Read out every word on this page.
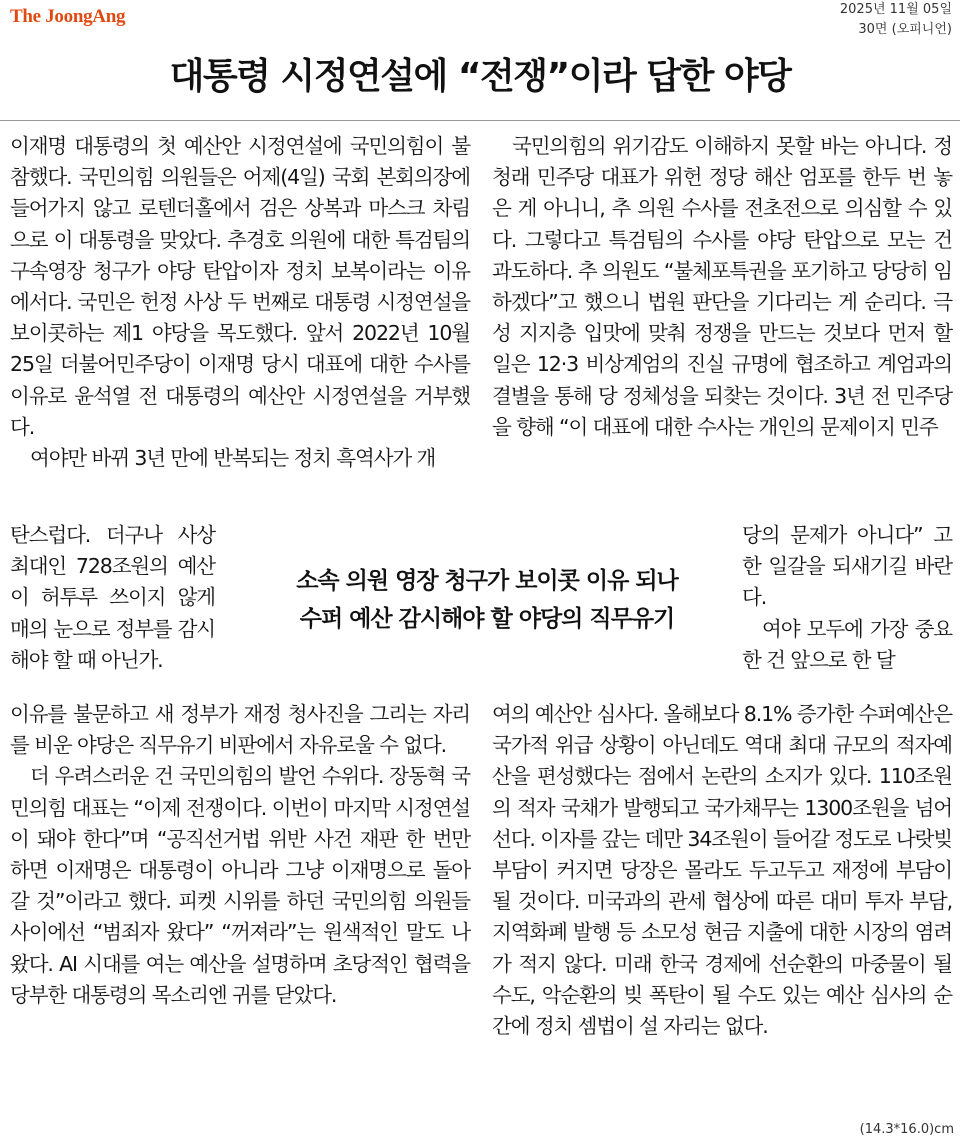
The JoongAng	2025년 11월 05일
30면 (오피니언)
대통령 시정연설에 “전쟁”이라 답한 야당

이재명 대통령의 첫 예산안 시정연설에 국민의힘이 불참했다. 국민의힘 의원들은 어제(4일) 국회 본회의장에 들어가지 않고 로텐더홀에서 검은 상복과 마스크 차림으로 이 대통령을 맞았다. 추경호 의원에 대한 특검팀의 구속영장 청구가 야당 탄압이자 정치 보복이라는 이유에서다. 국민은 헌정 사상 두 번째로 대통령 시정연설을 보이콧하는 제1 야당을 목도했다. 앞서 2022년 10월 25일 더불어민주당이 이재명 당시 대표에 대한 수사를 이유로 윤석열 전 대통령의 예산안 시정연설을 거부했다.

여야만 바뀌 3년 만에 반복되는 정치 흑역사가 개

탄스럽다. 더구나 사상 최대인 728조원의 예산이 허투루 쓰이지 않게 매의 눈으로 정부를 감시해야 할 때 아닌가.

소속 의원 영장 청구가 보이콧 이유 되나
수퍼 예산 감시해야 할 야당의 직무유기

이유를 불문하고 새 정부가 재정 청사진을 그리는 자리를 비운 야당은 직무유기 비판에서 자유로울 수 없다.

더 우려스러운 건 국민의힘의 발언 수위다. 장동혁 국민의힘 대표는 “이제 전쟁이다. 이번이 마지막 시정연설이 돼야 한다”며 “공직선거법 위반 사건 재판 한 번만 하면 이재명은 대통령이 아니라 그냥 이재명으로 돌아갈 것”이라고 했다. 피켓 시위를 하던 국민의힘 의원들 사이에선 “범죄자 왔다” “꺼져라”는 원색적인 말도 나왔다. AI 시대를 여는 예산을 설명하며 초당적인 협력을 당부한 대통령의 목소리엔 귀를 닫았다.

국민의힘의 위기감도 이해하지 못할 바는 아니다. 정청래 민주당 대표가 위헌 정당 해산 엄포를 한두 번 놓은 게 아니니, 추 의원 수사를 전초전으로 의심할 수 있다. 그렇다고 특검팀의 수사를 야당 탄압으로 모는 건 과도하다. 추 의원도 “불체포특권을 포기하고 당당히 임하겠다”고 했으니 법원 판단을 기다리는 게 순리다. 극성 지지층 입맛에 맞춰 정쟁을 만드는 것보다 먼저 할 일은 12·3 비상계엄의 진실 규명에 협조하고 계엄과의 결별을 통해 당 정체성을 되찾는 것이다. 3년 전 민주당을 향해 “이 대표에 대한 수사는 개인의 문제이지 민주

당의 문제가 아니다” 고 한 일갈을 되새기길 바란다.

여야 모두에 가장 중요한 건 앞으로 한 달

여의 예산안 심사다. 올해보다 8.1% 증가한 수퍼예산은 국가적 위급 상황이 아닌데도 역대 최대 규모의 적자예산을 편성했다는 점에서 논란의 소지가 있다. 110조원의 적자 국채가 발행되고 국가채무는 1300조원을 넘어선다. 이자를 갚는 데만 34조원이 들어갈 정도로 나랏빚 부담이 커지면 당장은 몰라도 두고두고 재정에 부담이 될 것이다. 미국과의 관세 협상에 따른 대미 투자 부담, 지역화폐 발행 등 소모성 현금 지출에 대한 시장의 염려가 적지 않다. 미래 한국 경제에 선순환의 마중물이 될 수도, 악순환의 빚 폭탄이 될 수도 있는 예산 심사의 순간에 정치 셈법이 설 자리는 없다.

(14.3*16.0)cm
